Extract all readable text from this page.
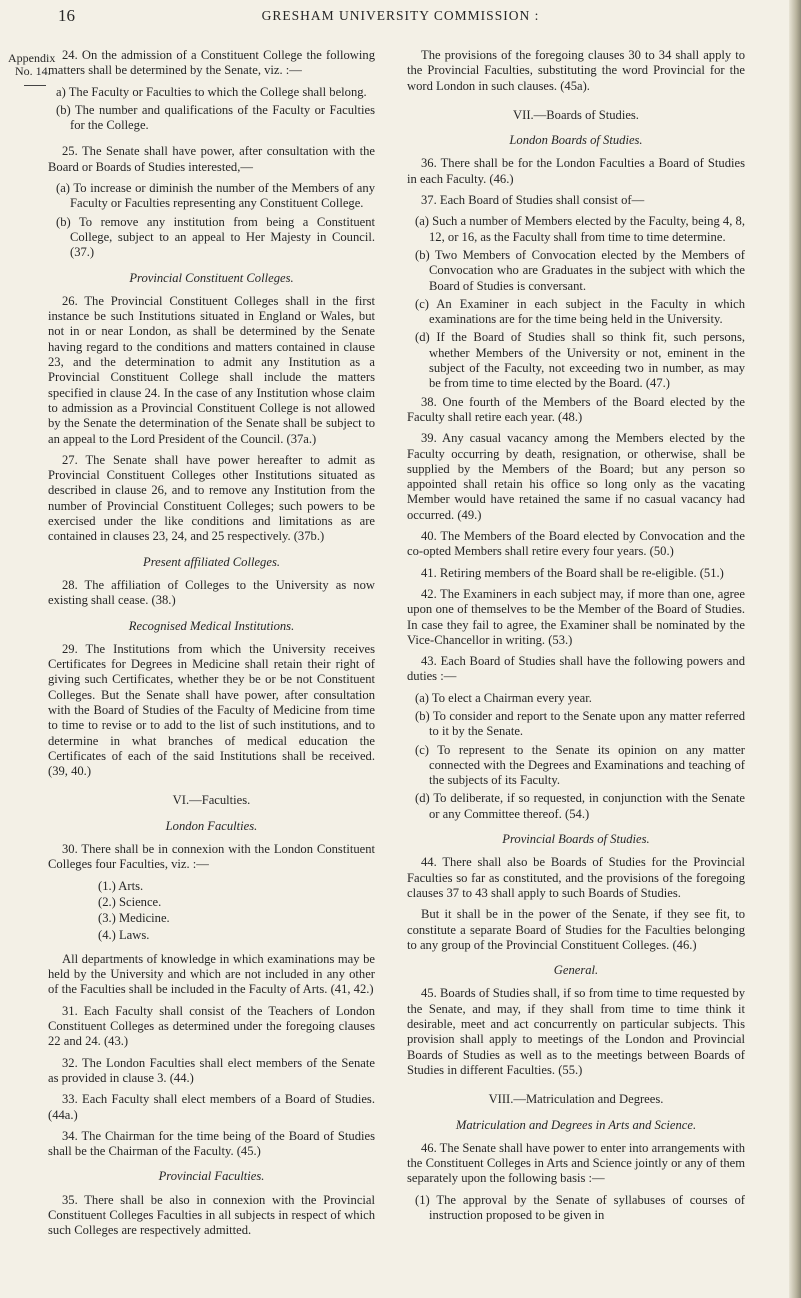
16	GRESHAM UNIVERSITY COMMISSION :
Appendix
No. 14.

24. On the admission of a Constituent College the following matters shall be determined by the Senate, viz. :—

a) The Faculty or Faculties to which the College shall belong.
(b) The number and qualifications of the Faculty or Faculties for the College.

25. The Senate shall have power, after consultation with the Board or Boards of Studies interested,—

(a) To increase or diminish the number of the Members of any Faculty or Faculties representing any Constituent College.
(b) To remove any institution from being a Constituent College, subject to an appeal to Her Majesty in Council. (37.)
Provincial Constituent Colleges.

26. The Provincial Constituent Colleges shall in the first instance be such Institutions situated in England or Wales, but not in or near London, as shall be determined by the Senate having regard to the conditions and matters contained in clause 23, and the determination to admit any Institution as a Provincial Constituent College shall include the matters specified in clause 24. In the case of any Institution whose claim to admission as a Provincial Constituent College is not allowed by the Senate the determination of the Senate shall be subject to an appeal to the Lord President of the Council. (37a.)

27. The Senate shall have power hereafter to admit as Provincial Constituent Colleges other Institutions situated as described in clause 26, and to remove any Institution from the number of Provincial Constituent Colleges; such powers to be exercised under the like conditions and limitations as are contained in clauses 23, 24, and 25 respectively. (37b.)

Present affiliated Colleges.

28. The affiliation of Colleges to the University as now existing shall cease. (38.)

Recognised Medical Institutions.

29. The Institutions from which the University receives Certificates for Degrees in Medicine shall retain their right of giving such Certificates, whether they be or be not Constituent Colleges. But the Senate shall have power, after consultation with the Board of Studies of the Faculty of Medicine from time to time to revise or to add to the list of such institutions, and to determine in what branches of medical education the Certificates of each of the said Institutions shall be received. (39, 40.)

VI.—Faculties.
London Faculties.

30. There shall be in connexion with the London Constituent Colleges four Faculties, viz. :—

(1.) Arts.
(2.) Science.
(3.) Medicine.
(4.) Laws.

All departments of knowledge in which examinations may be held by the University and which are not included in any other of the Faculties shall be included in the Faculty of Arts. (41, 42.)

31. Each Faculty shall consist of the Teachers of London Constituent Colleges as determined under the foregoing clauses 22 and 24. (43.)

32. The London Faculties shall elect members of the Senate as provided in clause 3. (44.)

33. Each Faculty shall elect members of a Board of Studies. (44a.)

34. The Chairman for the time being of the Board of Studies shall be the Chairman of the Faculty. (45.)

Provincial Faculties.

35. There shall be also in connexion with the Provincial Constituent Colleges Faculties in all subjects in respect of which such Colleges are respectively admitted.

The provisions of the foregoing clauses 30 to 34 shall apply to the Provincial Faculties, substituting the word Provincial for the word London in such clauses. (45a).

VII.—Boards of Studies.
London Boards of Studies.

36. There shall be for the London Faculties a Board of Studies in each Faculty. (46.)

37. Each Board of Studies shall consist of—

(a) Such a number of Members elected by the Faculty, being 4, 8, 12, or 16, as the Faculty shall from time to time determine.
(b) Two Members of Convocation elected by the Members of Convocation who are Graduates in the subject with which the Board of Studies is conversant.
(c) An Examiner in each subject in the Faculty in which examinations are for the time being held in the University.
(d) If the Board of Studies shall so think fit, such persons, whether Members of the University or not, eminent in the subject of the Faculty, not exceeding two in number, as may be from time to time elected by the Board. (47.)

38. One fourth of the Members of the Board elected by the Faculty shall retire each year. (48.)

39. Any casual vacancy among the Members elected by the Faculty occurring by death, resignation, or otherwise, shall be supplied by the Members of the Board; but any person so appointed shall retain his office so long only as the vacating Member would have retained the same if no casual vacancy had occurred. (49.)

40. The Members of the Board elected by Convocation and the co-opted Members shall retire every four years. (50.)

41. Retiring members of the Board shall be re-eligible. (51.)

42. The Examiners in each subject may, if more than one, agree upon one of themselves to be the Member of the Board of Studies. In case they fail to agree, the Examiner shall be nominated by the Vice-Chancellor in writing. (53.)

43. Each Board of Studies shall have the following powers and duties :—

(a) To elect a Chairman every year.
(b) To consider and report to the Senate upon any matter referred to it by the Senate.
(c) To represent to the Senate its opinion on any matter connected with the Degrees and Examinations and teaching of the subjects of its Faculty.
(d) To deliberate, if so requested, in conjunction with the Senate or any Committee thereof. (54.)
Provincial Boards of Studies.

44. There shall also be Boards of Studies for the Provincial Faculties so far as constituted, and the provisions of the foregoing clauses 37 to 43 shall apply to such Boards of Studies.

But it shall be in the power of the Senate, if they see fit, to constitute a separate Board of Studies for the Faculties belonging to any group of the Provincial Constituent Colleges. (46.)

General.

45. Boards of Studies shall, if so from time to time requested by the Senate, and may, if they shall from time to time think it desirable, meet and act concurrently on particular subjects. This provision shall apply to meetings of the London and Provincial Boards of Studies as well as to the meetings between Boards of Studies in different Faculties. (55.)

VIII.—Matriculation and Degrees.
Matriculation and Degrees in Arts and Science.

46. The Senate shall have power to enter into arrangements with the Constituent Colleges in Arts and Science jointly or any of them separately upon the following basis :—

(1) The approval by the Senate of syllabuses of courses of instruction proposed to be given in
